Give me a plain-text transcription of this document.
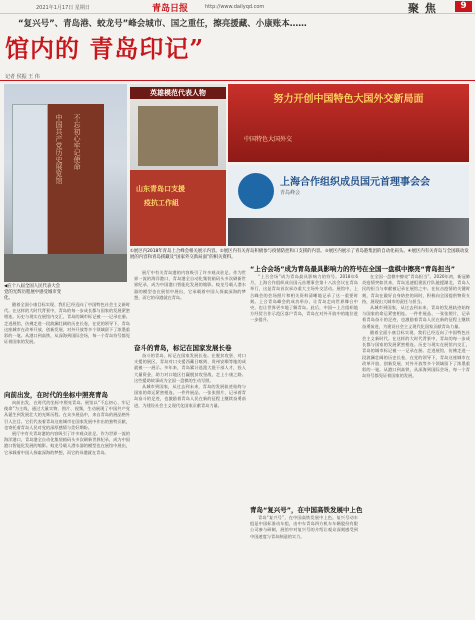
2021年1月17日 星期日	青岛日报	http://www.dailyqd.com	聚 焦	9
“复兴号”、青岛港、蛟龙号”峰会城市、国之重任，擦亮援藏、小康账本……
馆内的 青岛印记”
记者 侯振 王 伟
中国共产党历史展览馆 不忘初心牢记使命
◀在十八届全国人民代表大会党的光辉历程展中感受城市变化。
英雄模范代表人物
山东青岛口支援
疫抗工作組
努力开创中国特色大国外交新局面
中国特色大国外交
上海合作组织成员国元首理事会会
青岛峰会
①展区内2018年青岛上合峰会相关展示内容。②展区内有关青岛积极参与疫情防控和口支援的内容。③展区内展示了青岛港集团的自动化码头。④展区内有关青岛与全国联动发展的内容和青岛援藏及“国家外交新局面”的相关资料。

随着全面小康目标实现、我们已经迈向了中国特色社会主义新时代。在这样的大时代背景中，青岛的每一步成长都与国家的发展紧密相连。历史与现实在展馆内交汇，青岛的城市标记被一一记录在册。走进展馆，仿佛走进一段波澜壮阔的历史长卷，在党的领导下，青岛这座城市在改革开放、创新发展、对外开放等多个领域留下了浓墨重彩的一笔。从港口到高铁，从深海到国际会场，每一个青岛符号都见证着国家的发展。

向前出发，在时代的坐标中照亮青岛

向前出发，在时代的坐标中照亮青岛。展馆以“不忘初心、牢记使命”为主线，通过大量实物、图片、视频，生动展现了中国共产党从诞生到发展壮大的光辉历程。在众多展品中，来自青岛的展品格外引人注目。它们代表着青岛这座城市在国家发展中作出的独特贡献，也寄托着青岛人民对党的深厚感情与美好期盼。

展厅中有关青岛港的内容吸引了许多观众驻足。作为世界一流的海洋港口，青岛港全自动化集装箱码头多次刷新世界纪录，成为中国港口智能化发展的缩影。蛟龙号载人潜水器的模型也在展馆中展出，它承载着中国人探索深海的梦想，而它的母港就在青岛。

展厅中有关青岛港的内容吸引了许多观众驻足。作为世界一流的海洋港口，青岛港全自动化集装箱码头多次刷新世界纪录，成为中国港口智能化发展的缩影。蛟龙号载人潜水器的模型也在展馆中展出，它承载着中国人探索深海的梦想，而它的母港就在青岛。

奋斗的青岛，标记在国家发展长卷

奋斗的青岛，标记在国家发展长卷。在脱贫攻坚、对口支援的展区，青岛对口支援西藏日喀则、贵州安顺等地的成就被一一展示。多年来，青岛累计选派大批干部人才，投入大量资金，助力对口地区打赢脱贫攻坚战，走上小康之路。这些援助故事成为全国一盘棋的生动写照。

从城市到国家，从过去到未来，青岛的发展轨迹始终与国家的命运紧密相连。一件件展品、一张张照片，记录着青岛奋斗的足迹，也激励着青岛人民在新的征程上继续奋勇前进，为建设社会主义现代化国家贡献青岛力量。

“上合会场”成为青岛最具影响力的符号

“上合会场”成为青岛最具影响力的符号。2018年6月，上海合作组织成员国元首理事会第十八次会议在青岛举行，这是青岛首次承办重大主场外交活动。展馆中，上合峰会的会场照片和相关资料清晰地记录了这一重要时刻。上合青岛峰会的成功举办，让青岛走向世界舞台中央，也让世界更多地了解青岛。此后，中国—上合组织地方经贸合作示范区落户青岛，青岛在对外开放中的地位进一步提升。

青岛“复兴号”，在中国高铁发展中上色

青岛“复兴号”，在中国高铁发展中上色。复兴号动车组是中国标准动车组，由中车青岛四方机车车辆股份有限公司参与研制，展馆中对复兴号的介绍让观众深刻感受到中国速度与青岛制造的实力。

在全国一盘棋中擦亮“青岛担当”

在全国一盘棋中擦亮“青岛担当”。2020年初，新冠肺炎疫情突如其来，青岛迅速组建医疗队驰援湖北，青岛人民的担当与奉献被记录在展馆之中。在抗击疫情的关键时刻，青岛在做好自身防控的同时，积极向全国提供物资支持，展现出大城市的责任与担当。

从城市到国家，从过去到未来，青岛的发展轨迹始终与国家的命运紧密相连。一件件展品、一张张照片，记录着青岛奋斗的足迹，也激励着青岛人民在新的征程上继续奋勇前进，为建设社会主义现代化国家贡献青岛力量。

随着全面小康目标实现、我们已经迈向了中国特色社会主义新时代。在这样的大时代背景中，青岛的每一步成长都与国家的发展紧密相连。历史与现实在展馆内交汇，青岛的城市标记被一一记录在册。走进展馆，仿佛走进一段波澜壮阔的历史长卷，在党的领导下，青岛这座城市在改革开放、创新发展、对外开放等多个领域留下了浓墨重彩的一笔。从港口到高铁，从深海到国际会场，每一个青岛符号都见证着国家的发展。
